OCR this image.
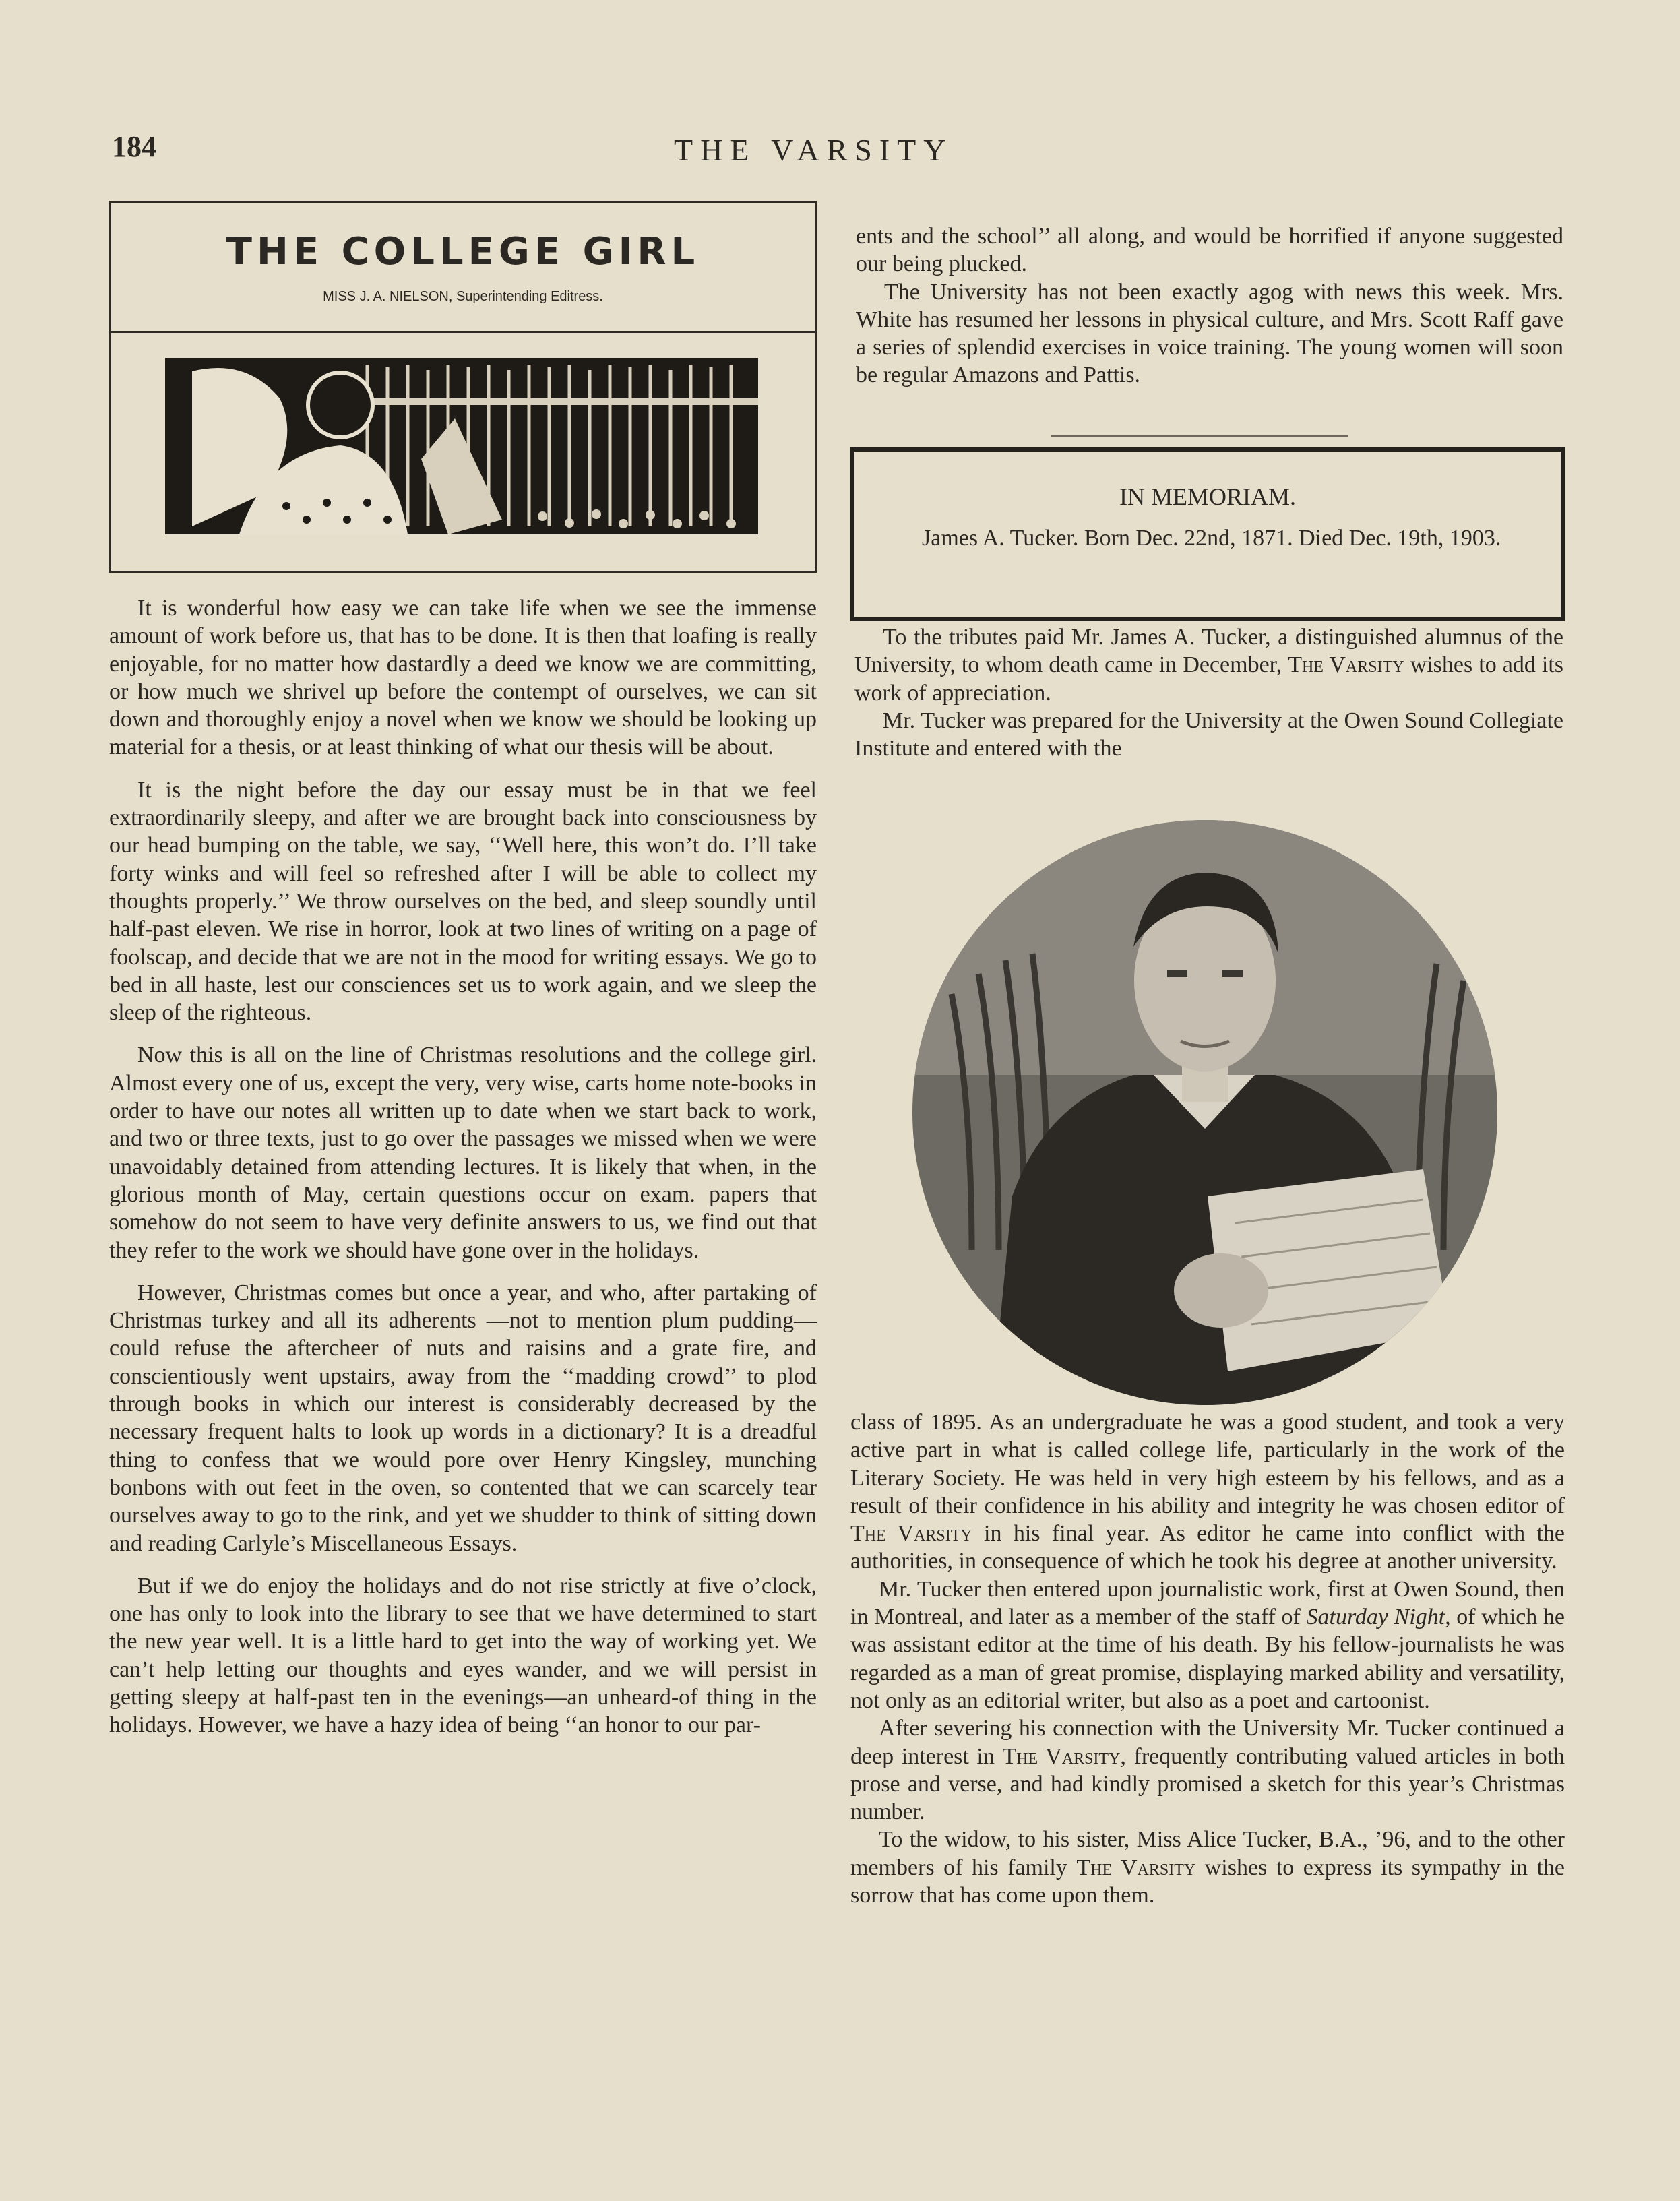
184	THE VARSITY
THE COLLEGE GIRL
MISS J. A. NIELSON, Superintending Editress.

It is wonderful how easy we can take life when we see the immense amount of work before us, that has to be done. It is then that loafing is really enjoyable, for no matter how dastardly a deed we know we are committing, or how much we shrivel up before the contempt of ourselves, we can sit down and thoroughly enjoy a novel when we know we should be looking up material for a thesis, or at least thinking of what our thesis will be about.

It is the night before the day our essay must be in that we feel extraordinarily sleepy, and after we are brought back into consciousness by our head bumping on the table, we say, ‘‘Well here, this won’t do. I’ll take forty winks and will feel so refreshed after I will be able to collect my thoughts properly.’’ We throw ourselves on the bed, and sleep soundly until half-past eleven. We rise in horror, look at two lines of writing on a page of foolscap, and decide that we are not in the mood for writing essays. We go to bed in all haste, lest our consciences set us to work again, and we sleep the sleep of the righteous.

Now this is all on the line of Christmas resolutions and the college girl. Almost every one of us, except the very, very wise, carts home note-books in order to have our notes all written up to date when we start back to work, and two or three texts, just to go over the passages we missed when we were unavoidably detained from attending lectures. It is likely that when, in the glorious month of May, certain questions occur on exam. papers that somehow do not seem to have very definite answers to us, we find out that they refer to the work we should have gone over in the holidays.

However, Christmas comes but once a year, and who, after partaking of Christmas turkey and all its adherents —not to mention plum pudding—could refuse the aftercheer of nuts and raisins and a grate fire, and conscientiously went upstairs, away from the ‘‘madding crowd’’ to plod through books in which our interest is considerably decreased by the necessary frequent halts to look up words in a dictionary? It is a dreadful thing to confess that we would pore over Henry Kingsley, munching bonbons with out feet in the oven, so contented that we can scarcely tear ourselves away to go to the rink, and yet we shudder to think of sitting down and reading Carlyle’s Miscellaneous Essays.

But if we do enjoy the holidays and do not rise strictly at five o’clock, one has only to look into the library to see that we have determined to start the new year well. It is a little hard to get into the way of working yet. We can’t help letting our thoughts and eyes wander, and we will persist in getting sleepy at half-past ten in the evenings—an unheard-of thing in the holidays. However, we have a hazy idea of being ‘‘an honor to our par-

ents and the school’’ all along, and would be horrified if anyone suggested our being plucked.

The University has not been exactly agog with news this week. Mrs. White has resumed her lessons in physical culture, and Mrs. Scott Raff gave a series of splendid exercises in voice training. The young women will soon be regular Amazons and Pattis.

IN MEMORIAM.
James A. Tucker. Born Dec. 22nd, 1871. Died Dec. 19th, 1903.

To the tributes paid Mr. James A. Tucker, a distinguished alumnus of the University, to whom death came in December, The Varsity wishes to add its work of appreciation.

Mr. Tucker was prepared for the University at the Owen Sound Collegiate Institute and entered with the

class of 1895. As an undergraduate he was a good student, and took a very active part in what is called college life, particularly in the work of the Literary Society. He was held in very high esteem by his fellows, and as a result of their confidence in his ability and integrity he was chosen editor of The Varsity in his final year. As editor he came into conflict with the authorities, in consequence of which he took his degree at another university.

Mr. Tucker then entered upon journalistic work, first at Owen Sound, then in Montreal, and later as a member of the staff of Saturday Night, of which he was assistant editor at the time of his death. By his fellow-journalists he was regarded as a man of great promise, displaying marked ability and versatility, not only as an editorial writer, but also as a poet and cartoonist.

After severing his connection with the University Mr. Tucker continued a deep interest in The Varsity, frequently contributing valued articles in both prose and verse, and had kindly promised a sketch for this year’s Christmas number.

To the widow, to his sister, Miss Alice Tucker, B.A., ’96, and to the other members of his family The Varsity wishes to express its sympathy in the sorrow that has come upon them.
